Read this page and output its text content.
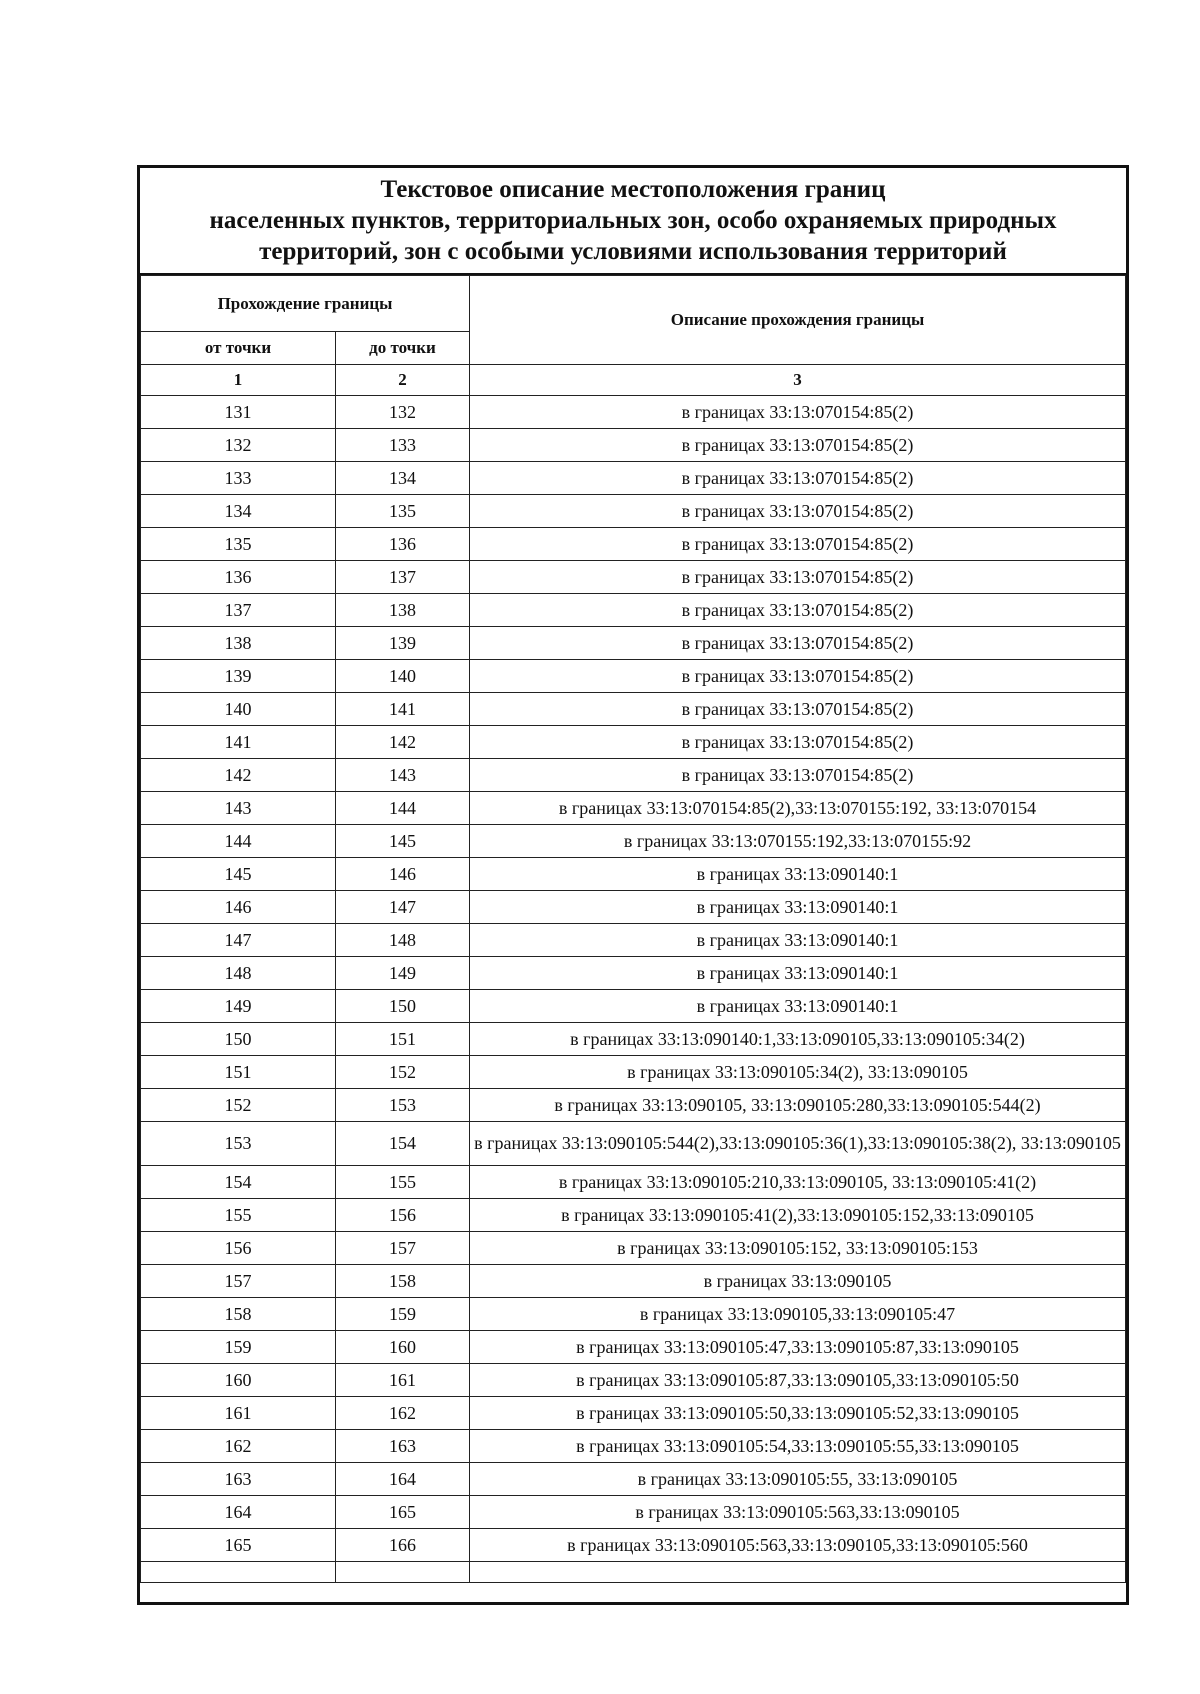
Текстовое описание местоположения границ
населенных пунктов, территориальных зон, особо охраняемых природных
территорий, зон с особыми условиями использования территорий
Прохождение границы		Описание прохождения границы
от точки	до точки	
1	2	3
131	132	в границах 33:13:070154:85(2)
132	133	в границах 33:13:070154:85(2)
133	134	в границах 33:13:070154:85(2)
134	135	в границах 33:13:070154:85(2)
135	136	в границах 33:13:070154:85(2)
136	137	в границах 33:13:070154:85(2)
137	138	в границах 33:13:070154:85(2)
138	139	в границах 33:13:070154:85(2)
139	140	в границах 33:13:070154:85(2)
140	141	в границах 33:13:070154:85(2)
141	142	в границах 33:13:070154:85(2)
142	143	в границах 33:13:070154:85(2)
143	144	в границах 33:13:070154:85(2),33:13:070155:192, 33:13:070154
144	145	в границах 33:13:070155:192,33:13:070155:92
145	146	в границах 33:13:090140:1
146	147	в границах 33:13:090140:1
147	148	в границах 33:13:090140:1
148	149	в границах 33:13:090140:1
149	150	в границах 33:13:090140:1
150	151	в границах 33:13:090140:1,33:13:090105,33:13:090105:34(2)
151	152	в границах 33:13:090105:34(2), 33:13:090105
152	153	в границах 33:13:090105, 33:13:090105:280,33:13:090105:544(2)
153	154	в границах 33:13:090105:544(2),33:13:090105:36(1),33:13:090105:38(2), 33:13:090105
154	155	в границах 33:13:090105:210,33:13:090105, 33:13:090105:41(2)
155	156	в границах 33:13:090105:41(2),33:13:090105:152,33:13:090105
156	157	в границах 33:13:090105:152, 33:13:090105:153
157	158	в границах 33:13:090105
158	159	в границах 33:13:090105,33:13:090105:47
159	160	в границах 33:13:090105:47,33:13:090105:87,33:13:090105
160	161	в границах 33:13:090105:87,33:13:090105,33:13:090105:50
161	162	в границах 33:13:090105:50,33:13:090105:52,33:13:090105
162	163	в границах 33:13:090105:54,33:13:090105:55,33:13:090105
163	164	в границах 33:13:090105:55, 33:13:090105
164	165	в границах 33:13:090105:563,33:13:090105
165	166	в границах 33:13:090105:563,33:13:090105,33:13:090105:560
